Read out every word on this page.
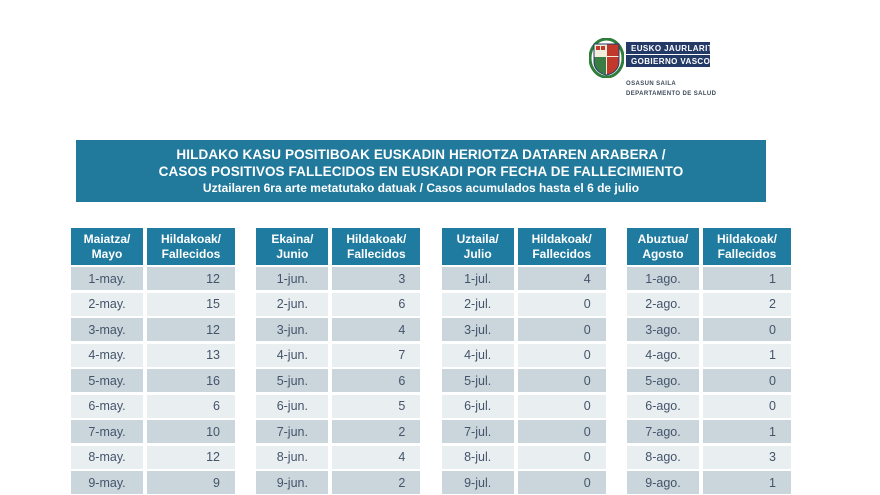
EUSKO JAURLARITZA
GOBIERNO VASCO
OSASUN SAILA
DEPARTAMENTO DE SALUD
HILDAKO KASU POSITIBOAK EUSKADIN HERIOTZA DATAREN ARABERA /
CASOS POSITIVOS FALLECIDOS EN EUSKADI POR FECHA DE FALLECIMIENTO
Uztailaren 6ra arte metatutako datuak / Casos acumulados hasta el 6 de julio
Maiatza/
Mayo
Hildakoak/
Fallecidos
1-may.	12
2-may.	15
3-may.	12
4-may.	13
5-may.	16
6-may.	6
7-may.	10
8-may.	12
9-may.	9
Ekaina/
Junio
Hildakoak/
Fallecidos
1-jun.	3
2-jun.	6
3-jun.	4
4-jun.	7
5-jun.	6
6-jun.	5
7-jun.	2
8-jun.	4
9-jun.	2
Uztaila/
Julio
Hildakoak/
Fallecidos
1-jul.	4
2-jul.	0
3-jul.	0
4-jul.	0
5-jul.	0
6-jul.	0
7-jul.	0
8-jul.	0
9-jul.	0
Abuztua/
Agosto
Hildakoak/
Fallecidos
1-ago.	1
2-ago.	2
3-ago.	0
4-ago.	1
5-ago.	0
6-ago.	0
7-ago.	1
8-ago.	3
9-ago.	1
